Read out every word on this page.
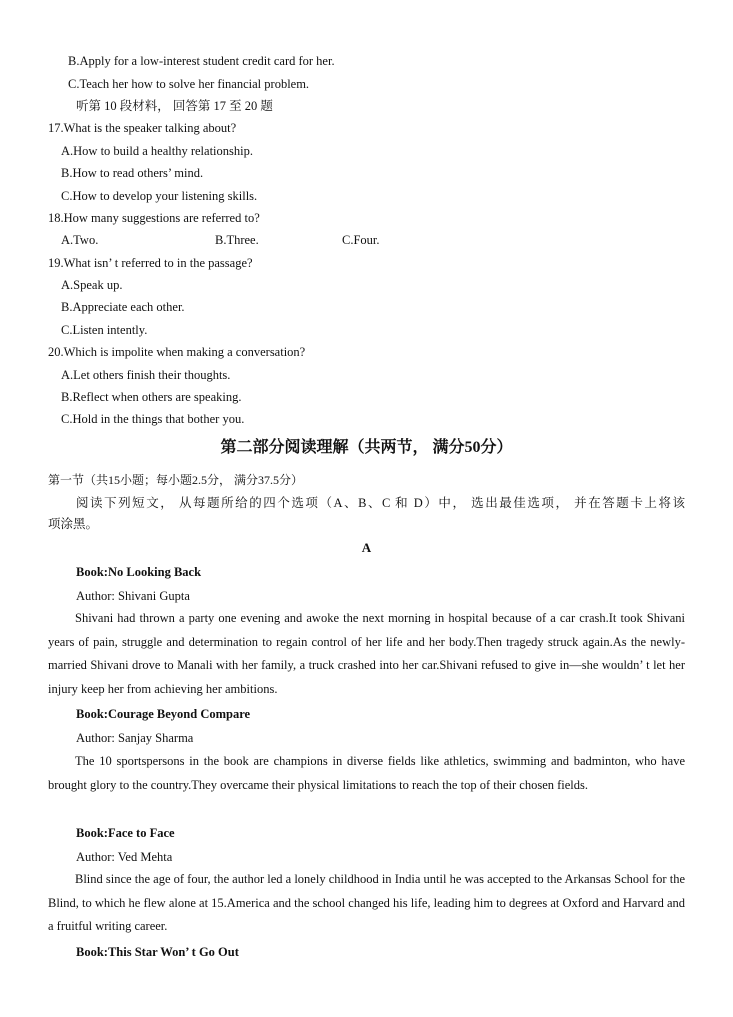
B.Apply for a low-interest student credit card for her.
C.Teach her how to solve her financial problem.
听第 10 段材料， 回答第 17 至 20 题
17.What is the speaker talking about?
A.How to build a healthy relationship.
B.How to read others’ mind.
C.How to develop your listening skills.
18.How many suggestions are referred to?
A.Two.	B.Three.	C.Four.
19.What isn’ t referred to in the passage?
A.Speak up.
B.Appreciate each other.
C.Listen intently.
20.Which is impolite when making a conversation?
A.Let others finish their thoughts.
B.Reflect when others are speaking.
C.Hold in the things that bother you.
第二部分阅读理解（共两节， 满分50分）
第一节（共15小题；每小题2.5分， 满分37.5分）
阅读下列短文， 从每题所给的四个选项（A、B、C 和 D）中， 选出最佳选项， 并在答题卡上将该
项涂黑。
A
Book:No Looking Back
Author: Shivani Gupta
Shivani had thrown a party one evening and awoke the next morning in hospital because of a car crash.It took Shivani years of pain, struggle and determination to regain control of her life and her body.Then tragedy struck again.As the newly-married Shivani drove to Manali with her family, a truck crashed into her car.Shivani refused to give in—she wouldn’ t let her injury keep her from achieving her ambitions.
Book:Courage Beyond Compare
Author: Sanjay Sharma
The 10 sportspersons in the book are champions in diverse fields like athletics, swimming and badminton, who have brought glory to the country.They overcame their physical limitations to reach the top of their chosen fields.
Book:Face to Face
Author: Ved Mehta
Blind since the age of four, the author led a lonely childhood in India until he was accepted to the Arkansas School for the Blind, to which he flew alone at 15.America and the school changed his life, leading him to degrees at Oxford and Harvard and a fruitful writing career.
Book:This Star Won’ t Go Out
